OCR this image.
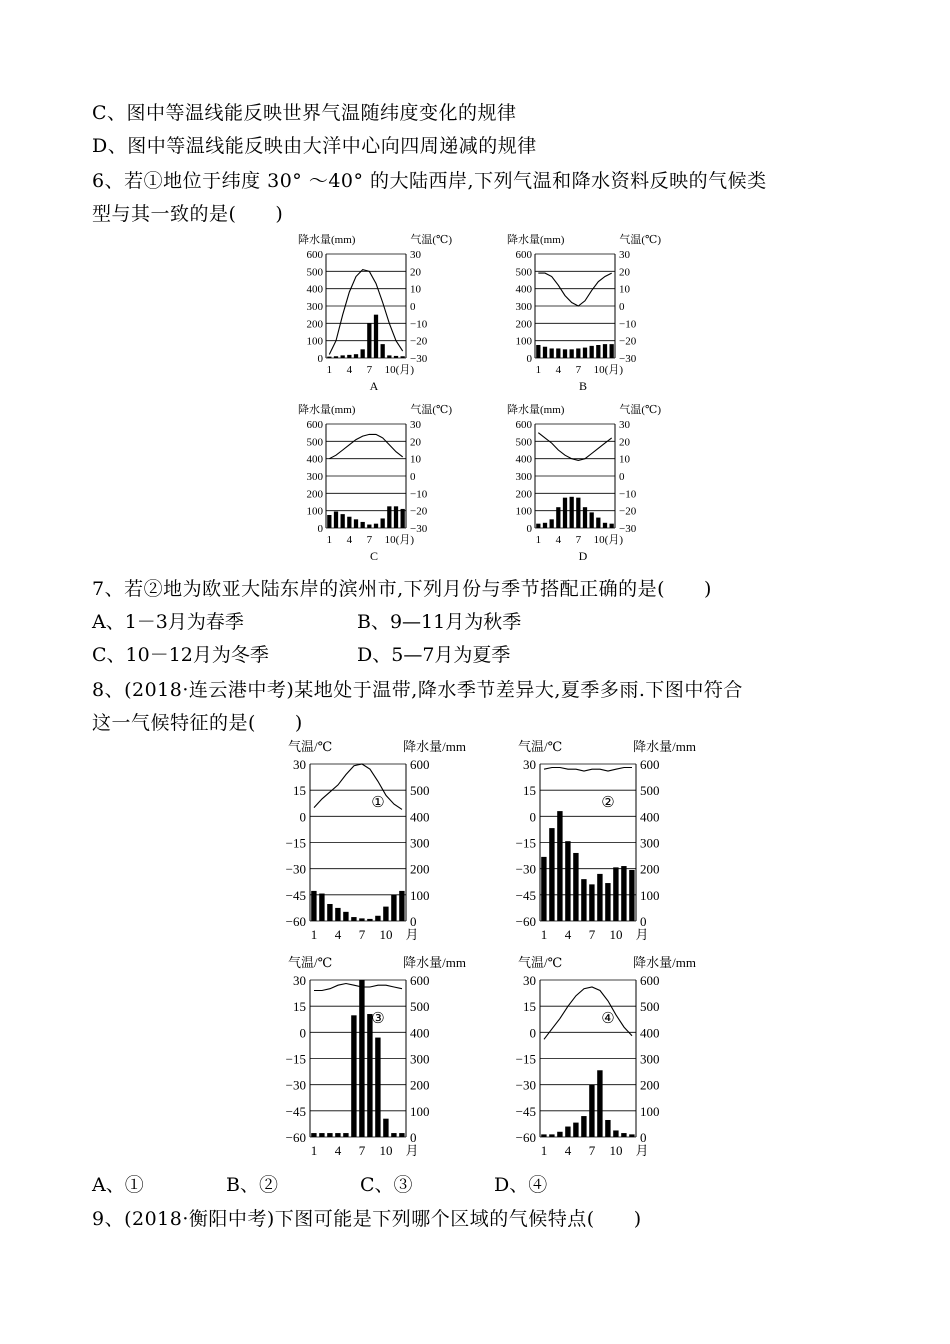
C、图中等温线能反映世界气温随纬度变化的规律
D、图中等温线能反映由大洋中心向四周递减的规律
6、若①地位于纬度 30° ～40° 的大陆西岸,下列气温和降水资料反映的气候类
型与其一致的是(　　)
降水量(mm)	气温(℃)
600	30
500	20
400	10
300	0
200	−10
100	−20
0	−30
1 4 7 10(月)
A
降水量(mm)	气温(℃)
600	30
500	20
400	10
300	0
200	−10
100	−20
0	−30
1 4 7 10(月)
B
降水量(mm)	气温(℃)
600	30
500	20
400	10
300	0
200	−10
100	−20
0	−30
1 4 7 10(月)
C
降水量(mm)	气温(℃)
600	30
500	20
400	10
300	0
200	−10
100	−20
0	−30
1 4 7 10(月)
D
7、若②地为欧亚大陆东岸的滨州市,下列月份与季节搭配正确的是(　　)
A、1－3月为春季	B、9—11月为秋季
C、10－12月为冬季	D、5—7月为夏季
8、(2018·连云港中考)某地处于温带,降水季节差异大,夏季多雨.下图中符合
这一气候特征的是(　　)
气温/℃	降水量/mm
30	600
15	500
0	400
−15	300
−30	200
−45	100
−60	0
①
1 4 7 10 月
气温/℃	降水量/mm
30	600
15	500
0	400
−15	300
−30	200
−45	100
−60	0
②
1 4 7 10 月
气温/℃	降水量/mm
30	600
15	500
0	400
−15	300
−30	200
−45	100
−60	0
③
1 4 7 10 月
气温/℃	降水量/mm
30	600
15	500
0	400
−15	300
−30	200
−45	100
−60	0
④
1 4 7 10 月
A、①	B、②	C、③	D、④
9、(2018·衡阳中考)下图可能是下列哪个区域的气候特点(　　)
